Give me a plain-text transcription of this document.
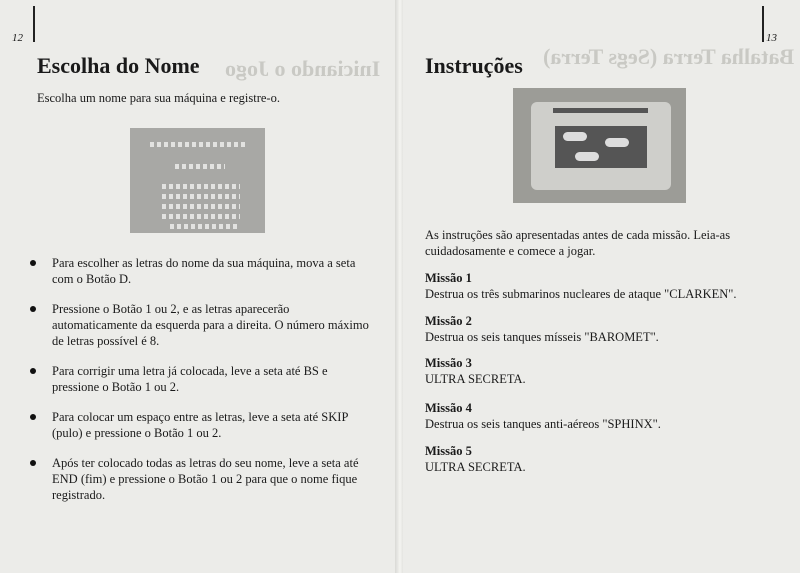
12
Iniciando o Jogo
Escolha do Nome
Escolha um nome para sua máquina e registre-o.
Para escolher as letras do nome da sua máquina, mova a seta com o Botão D.
Pressione o Botão 1 ou 2, e as letras aparecerão automaticamente da esquerda para a direita. O número máximo de letras possível é 8.
Para corrigir uma letra já colocada, leve a seta até BS e pressione o Botão 1 ou 2.
Para colocar um espaço entre as letras, leve a seta até SKIP (pulo) e pressione o Botão 1 ou 2.
Após ter colocado todas as letras do seu nome, leve a seta até END (fim) e pressione o Botão 1 ou 2 para que o nome fique registrado.
13
Batalha Terra (Segs Terra)
Instruções
As instruções são apresentadas antes de cada missão. Leia-as cuidadosamente e comece a jogar.
Missão 1
Destrua os três submarinos nucleares de ataque "CLARKEN".
Missão 2
Destrua os seis tanques mísseis "BAROMET".
Missão 3
ULTRA SECRETA.
Missão 4
Destrua os seis tanques anti-aéreos "SPHINX".
Missão 5
ULTRA SECRETA.
